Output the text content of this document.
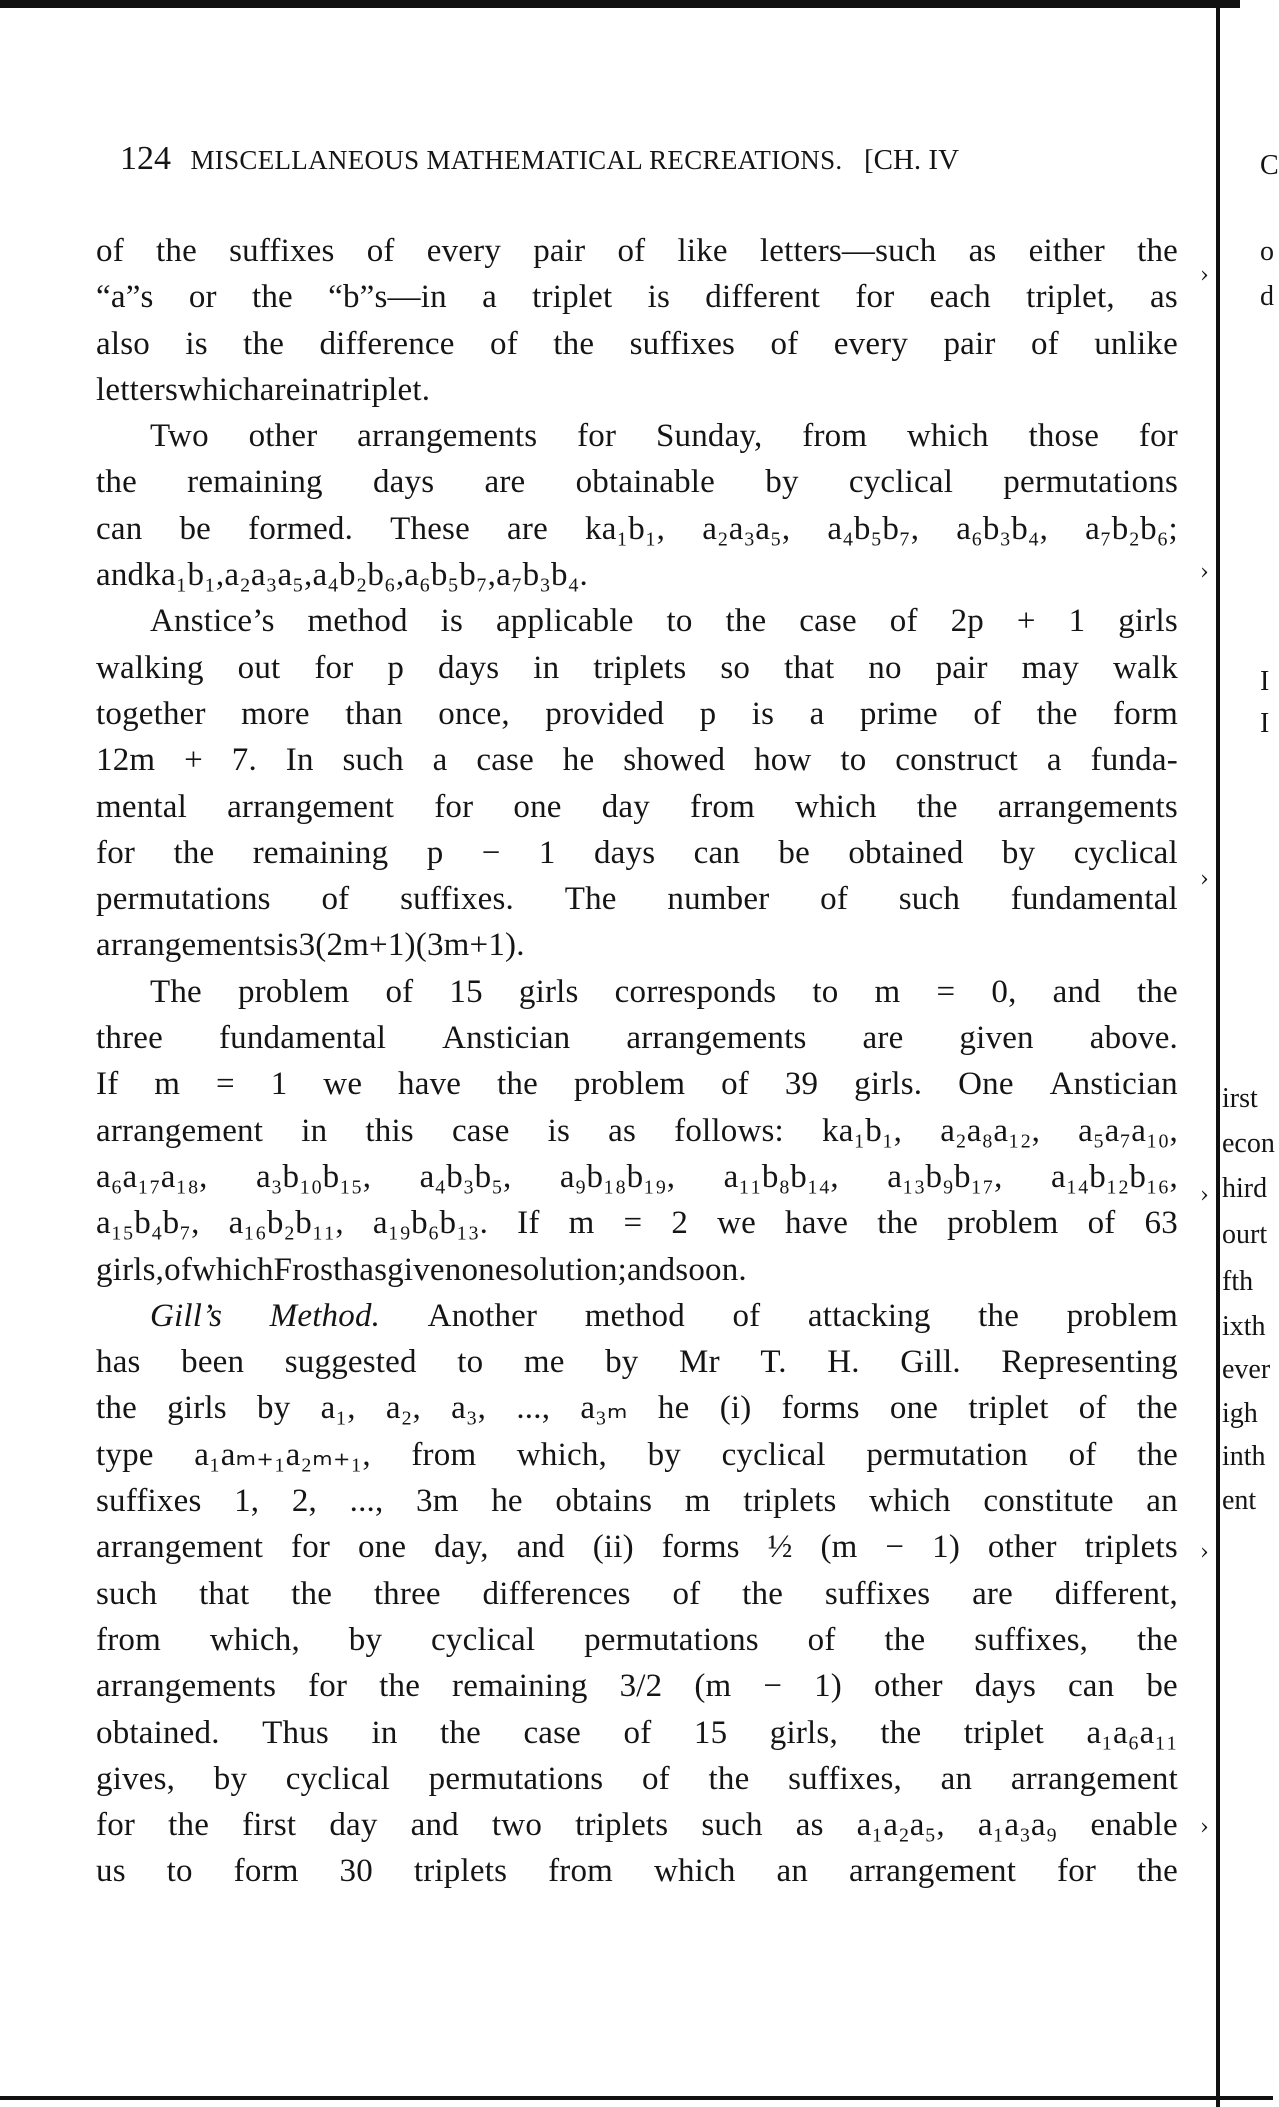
124 MISCELLANEOUS MATHEMATICAL RECREATIONS. [CH. IV
of the suffixes of every pair of like letters—such as either the
“a”s or the “b”s—in a triplet is different for each triplet, as
also is the difference of the suffixes of every pair of unlike
letters which are in a triplet.
Two other arrangements for Sunday, from which those for
the remaining days are obtainable by cyclical permutations
can be formed. These are ka₁b₁, a₂a₃a₅, a₄b₅b₇, a₆b₃b₄, a₇b₂b₆;
and ka₁b₁, a₂a₃a₅, a₄b₂b₆, a₆b₅b₇, a₇b₃b₄.
Anstice’s method is applicable to the case of 2p + 1 girls
walking out for p days in triplets so that no pair may walk
together more than once, provided p is a prime of the form
12m + 7. In such a case he showed how to construct a funda-
mental arrangement for one day from which the arrangements
for the remaining p − 1 days can be obtained by cyclical
permutations of suffixes. The number of such fundamental
arrangements is 3 (2m + 1) (3m + 1).
The problem of 15 girls corresponds to m = 0, and the
three fundamental Anstician arrangements are given above.
If m = 1 we have the problem of 39 girls. One Anstician
arrangement in this case is as follows: ka₁b₁, a₂a₈a₁₂, a₅a₇a₁₀,
a₆a₁₇a₁₈, a₃b₁₀b₁₅, a₄b₃b₅, a₉b₁₈b₁₉, a₁₁b₈b₁₄, a₁₃b₉b₁₇, a₁₄b₁₂b₁₆,
a₁₅b₄b₇, a₁₆b₂b₁₁, a₁₉b₆b₁₃. If m = 2 we have the problem of 63
girls, of which Frost has given one solution; and so on.
Gill’s Method. Another method of attacking the problem
has been suggested to me by Mr T. H. Gill. Representing
the girls by a₁, a₂, a₃, ..., a₃ₘ he (i) forms one triplet of the
type a₁aₘ₊₁a₂ₘ₊₁, from which, by cyclical permutation of the
suffixes 1, 2, ..., 3m he obtains m triplets which constitute an
arrangement for one day, and (ii) forms ½ (m − 1) other triplets
such that the three differences of the suffixes are different,
from which, by cyclical permutations of the suffixes, the
arrangements for the remaining 3/2 (m − 1) other days can be
obtained. Thus in the case of 15 girls, the triplet a₁a₆a₁₁
gives, by cyclical permutations of the suffixes, an arrangement
for the first day and two triplets such as a₁a₂a₅, a₁a₃a₉ enable
us to form 30 triplets from which an arrangement for the
C
o
d
I
I
irst
econ
hird
ourt
fth
ixth
ever
igh
inth
ent
›
›
›
›
›
›
